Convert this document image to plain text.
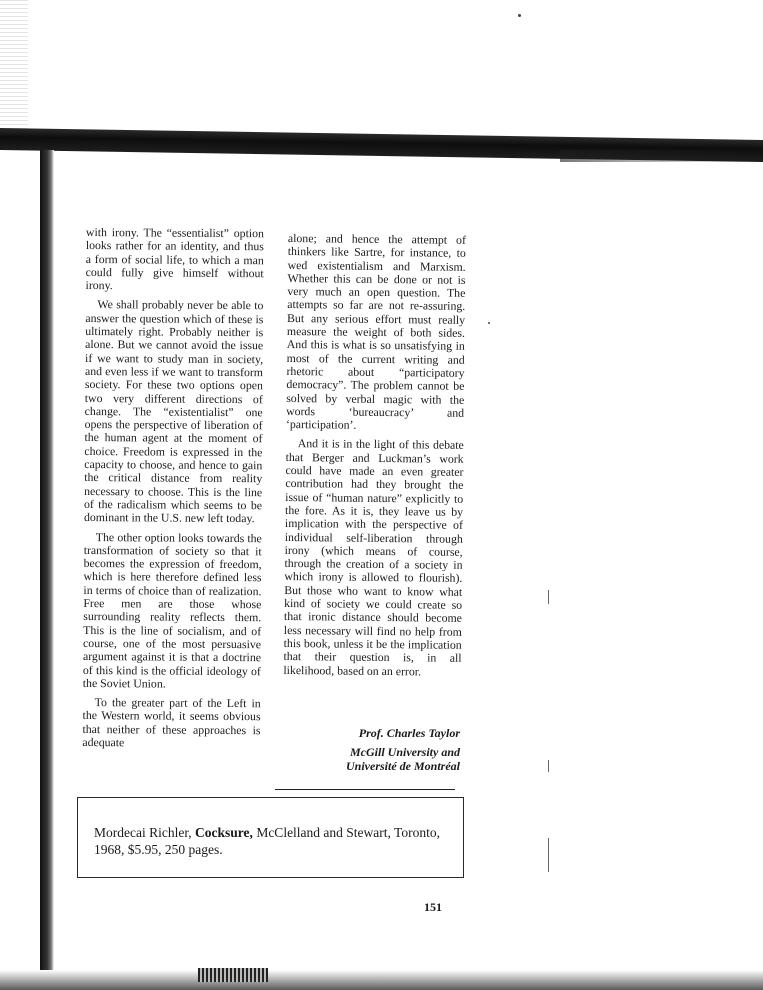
with irony. The “essentialist” option looks rather for an identity, and thus a form of social life, to which a man could fully give himself without irony.

We shall probably never be able to answer the question which of these is ultimately right. Probably neither is alone. But we cannot avoid the issue if we want to study man in society, and even less if we want to transform society. For these two options open two very different directions of change. The “existentialist” one opens the perspective of liberation of the human agent at the moment of choice. Freedom is expressed in the capacity to choose, and hence to gain the critical distance from reality necessary to choose. This is the line of the radicalism which seems to be dominant in the U.S. new left today.

The other option looks towards the transformation of society so that it becomes the expression of freedom, which is here therefore defined less in terms of choice than of realization. Free men are those whose surrounding reality reflects them. This is the line of socialism, and of course, one of the most persuasive argument against it is that a doctrine of this kind is the official ideology of the Soviet Union.

To the greater part of the Left in the Western world, it seems obvious that neither of these approaches is adequate

alone; and hence the attempt of thinkers like Sartre, for instance, to wed existentialism and Marxism. Whether this can be done or not is very much an open question. The attempts so far are not re-assuring. But any serious effort must really measure the weight of both sides. And this is what is so unsatisfying in most of the current writing and rhetoric about “participatory democracy”. The problem cannot be solved by verbal magic with the words ‘bureaucracy’ and ‘participation’.

And it is in the light of this debate that Berger and Luckman’s work could have made an even greater contribution had they brought the issue of “human nature” explicitly to the fore. As it is, they leave us by implication with the perspective of individual self-liberation through irony (which means of course, through the creation of a society in which irony is allowed to flourish). But those who want to know what kind of society we could create so that ironic distance should become less necessary will find no help from this book, unless it be the implication that their question is, in all likelihood, based on an error.

Prof. Charles Taylor
McGill University and
Université de Montréal
Mordecai Richler, Cocksure, McClelland and Stewart, Toronto, 1968, $5.95, 250 pages.
151
